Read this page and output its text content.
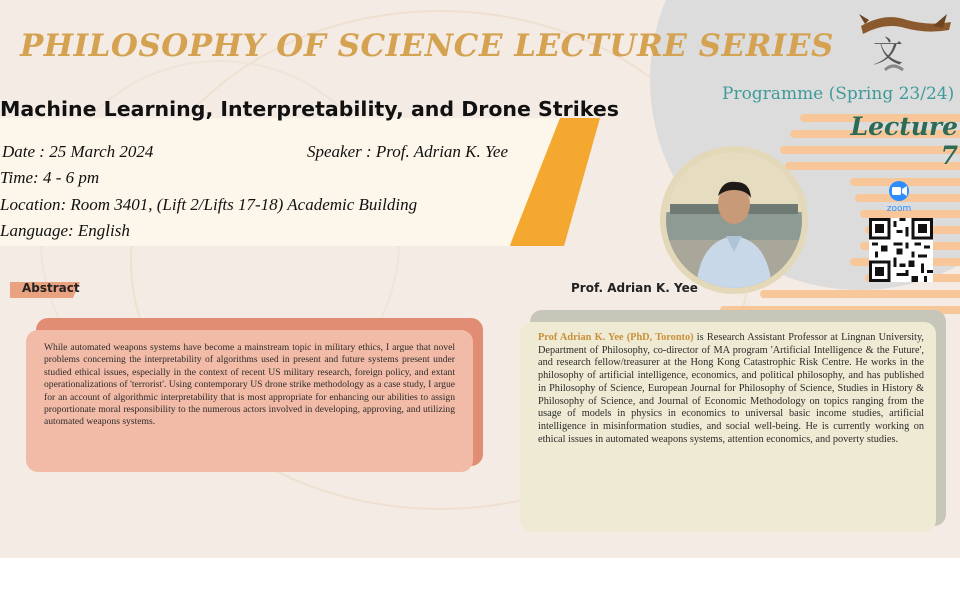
PHILOSOPHY OF SCIENCE LECTURE SERIES 文
Programme (Spring 23/24)
Lecture 7
Machine Learning, Interpretability, and Drone Strikes
Date : 25 March 2024	Speaker : Prof. Adrian K. Yee
Time: 4 - 6 pm
Location: Room 3401, (Lift 2/Lifts 17-18) Academic Building
Language: English
zoom
Abstract	Prof. Adrian K. Yee

While automated weapons systems have become a mainstream topic in military ethics, I argue that novel problems concerning the interpretability of algorithms used in present and future systems present under studied ethical issues, especially in the context of recent US military research, foreign policy, and extant operationalizations of 'terrorist'. Using contemporary US drone strike methodology as a case study, I argue for an account of algorithmic interpretability that is most appropriate for enhancing our abilities to assign proportionate moral responsibility to the numerous actors involved in developing, approving, and utilizing automated weapons systems.

Prof Adrian K. Yee (PhD, Toronto) is Research Assistant Professor at Lingnan University, Department of Philosophy, co-director of MA program 'Artificial Intelligence & the Future', and research fellow/treasurer at the Hong Kong Catastrophic Risk Centre. He works in the philosophy of artificial intelligence, economics, and political philosophy, and has published in Philosophy of Science, European Journal for Philosophy of Science, Studies in History & Philosophy of Science, and Journal of Economic Methodology on topics ranging from the usage of models in physics in economics to universal basic income studies, artificial intelligence in misinformation studies, and social well-being. He is currently working on ethical issues in automated weapons systems, attention economics, and poverty studies.
